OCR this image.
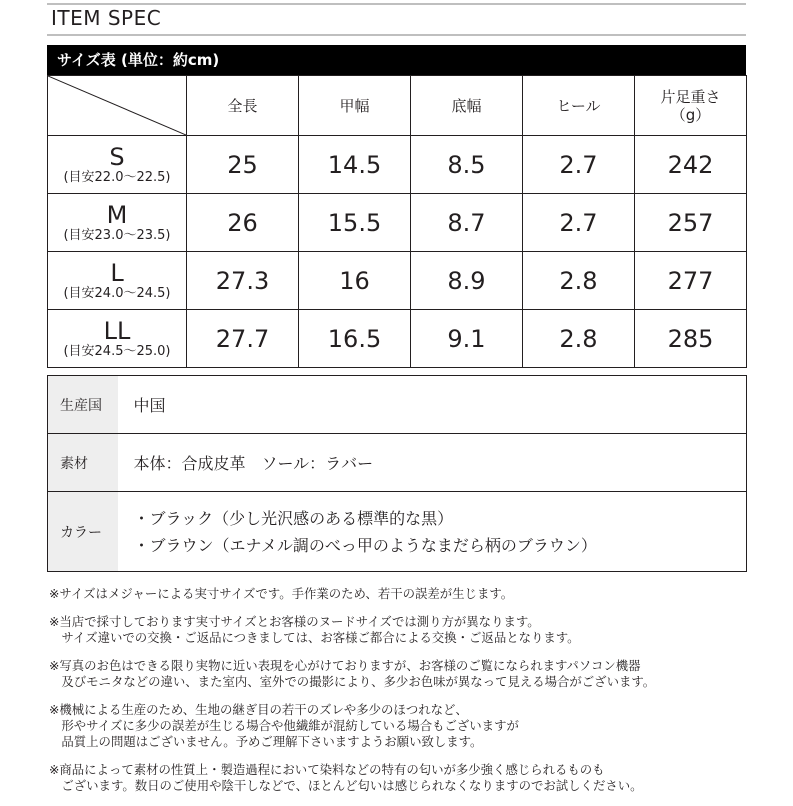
ITEM SPEC
サイズ表 (単位：約cm)
	全長	甲幅	底幅	ヒール	片足重さ
（g）

S
(目安22.0～22.5)	25	14.5	8.5	2.7	242

M
(目安23.0～23.5)	26	15.5	8.7	2.7	257

L
(目安24.0～24.5)	27.3	16	8.9	2.8	277

LL
(目安24.5～25.0)	27.7	16.5	9.1	2.8	285
生産国	中国
素材	本体：合成皮革　ソール：ラバー
カラー	・ブラック（少し光沢感のある標準的な黒）
・ブラウン（エナメル調のべっ甲のようなまだら柄のブラウン）
※サイズはメジャーによる実寸サイズです。手作業のため、若干の誤差が生じます。
※当店で採寸しております実寸サイズとお客様のヌードサイズでは測り方が異なります。
　サイズ違いでの交換・ご返品につきましては、お客様ご都合による交換・ご返品となります。
※写真のお色はできる限り実物に近い表現を心がけておりますが、お客様のご覧になられますパソコン機器
　及びモニタなどの違い、また室内、室外での撮影により、多少お色味が異なって見える場合がございます。
※機械による生産のため、生地の継ぎ目の若干のズレや多少のほつれなど、
　形やサイズに多少の誤差が生じる場合や他繊維が混紡している場合もございますが
　品質上の問題はございません。予めご理解下さいますようお願い致します。
※商品によって素材の性質上・製造過程において染料などの特有の匂いが多少強く感じられるものも
　ございます。数日のご使用や陰干しなどで、ほとんど匂いは感じられなくなりますのでお試しください。
